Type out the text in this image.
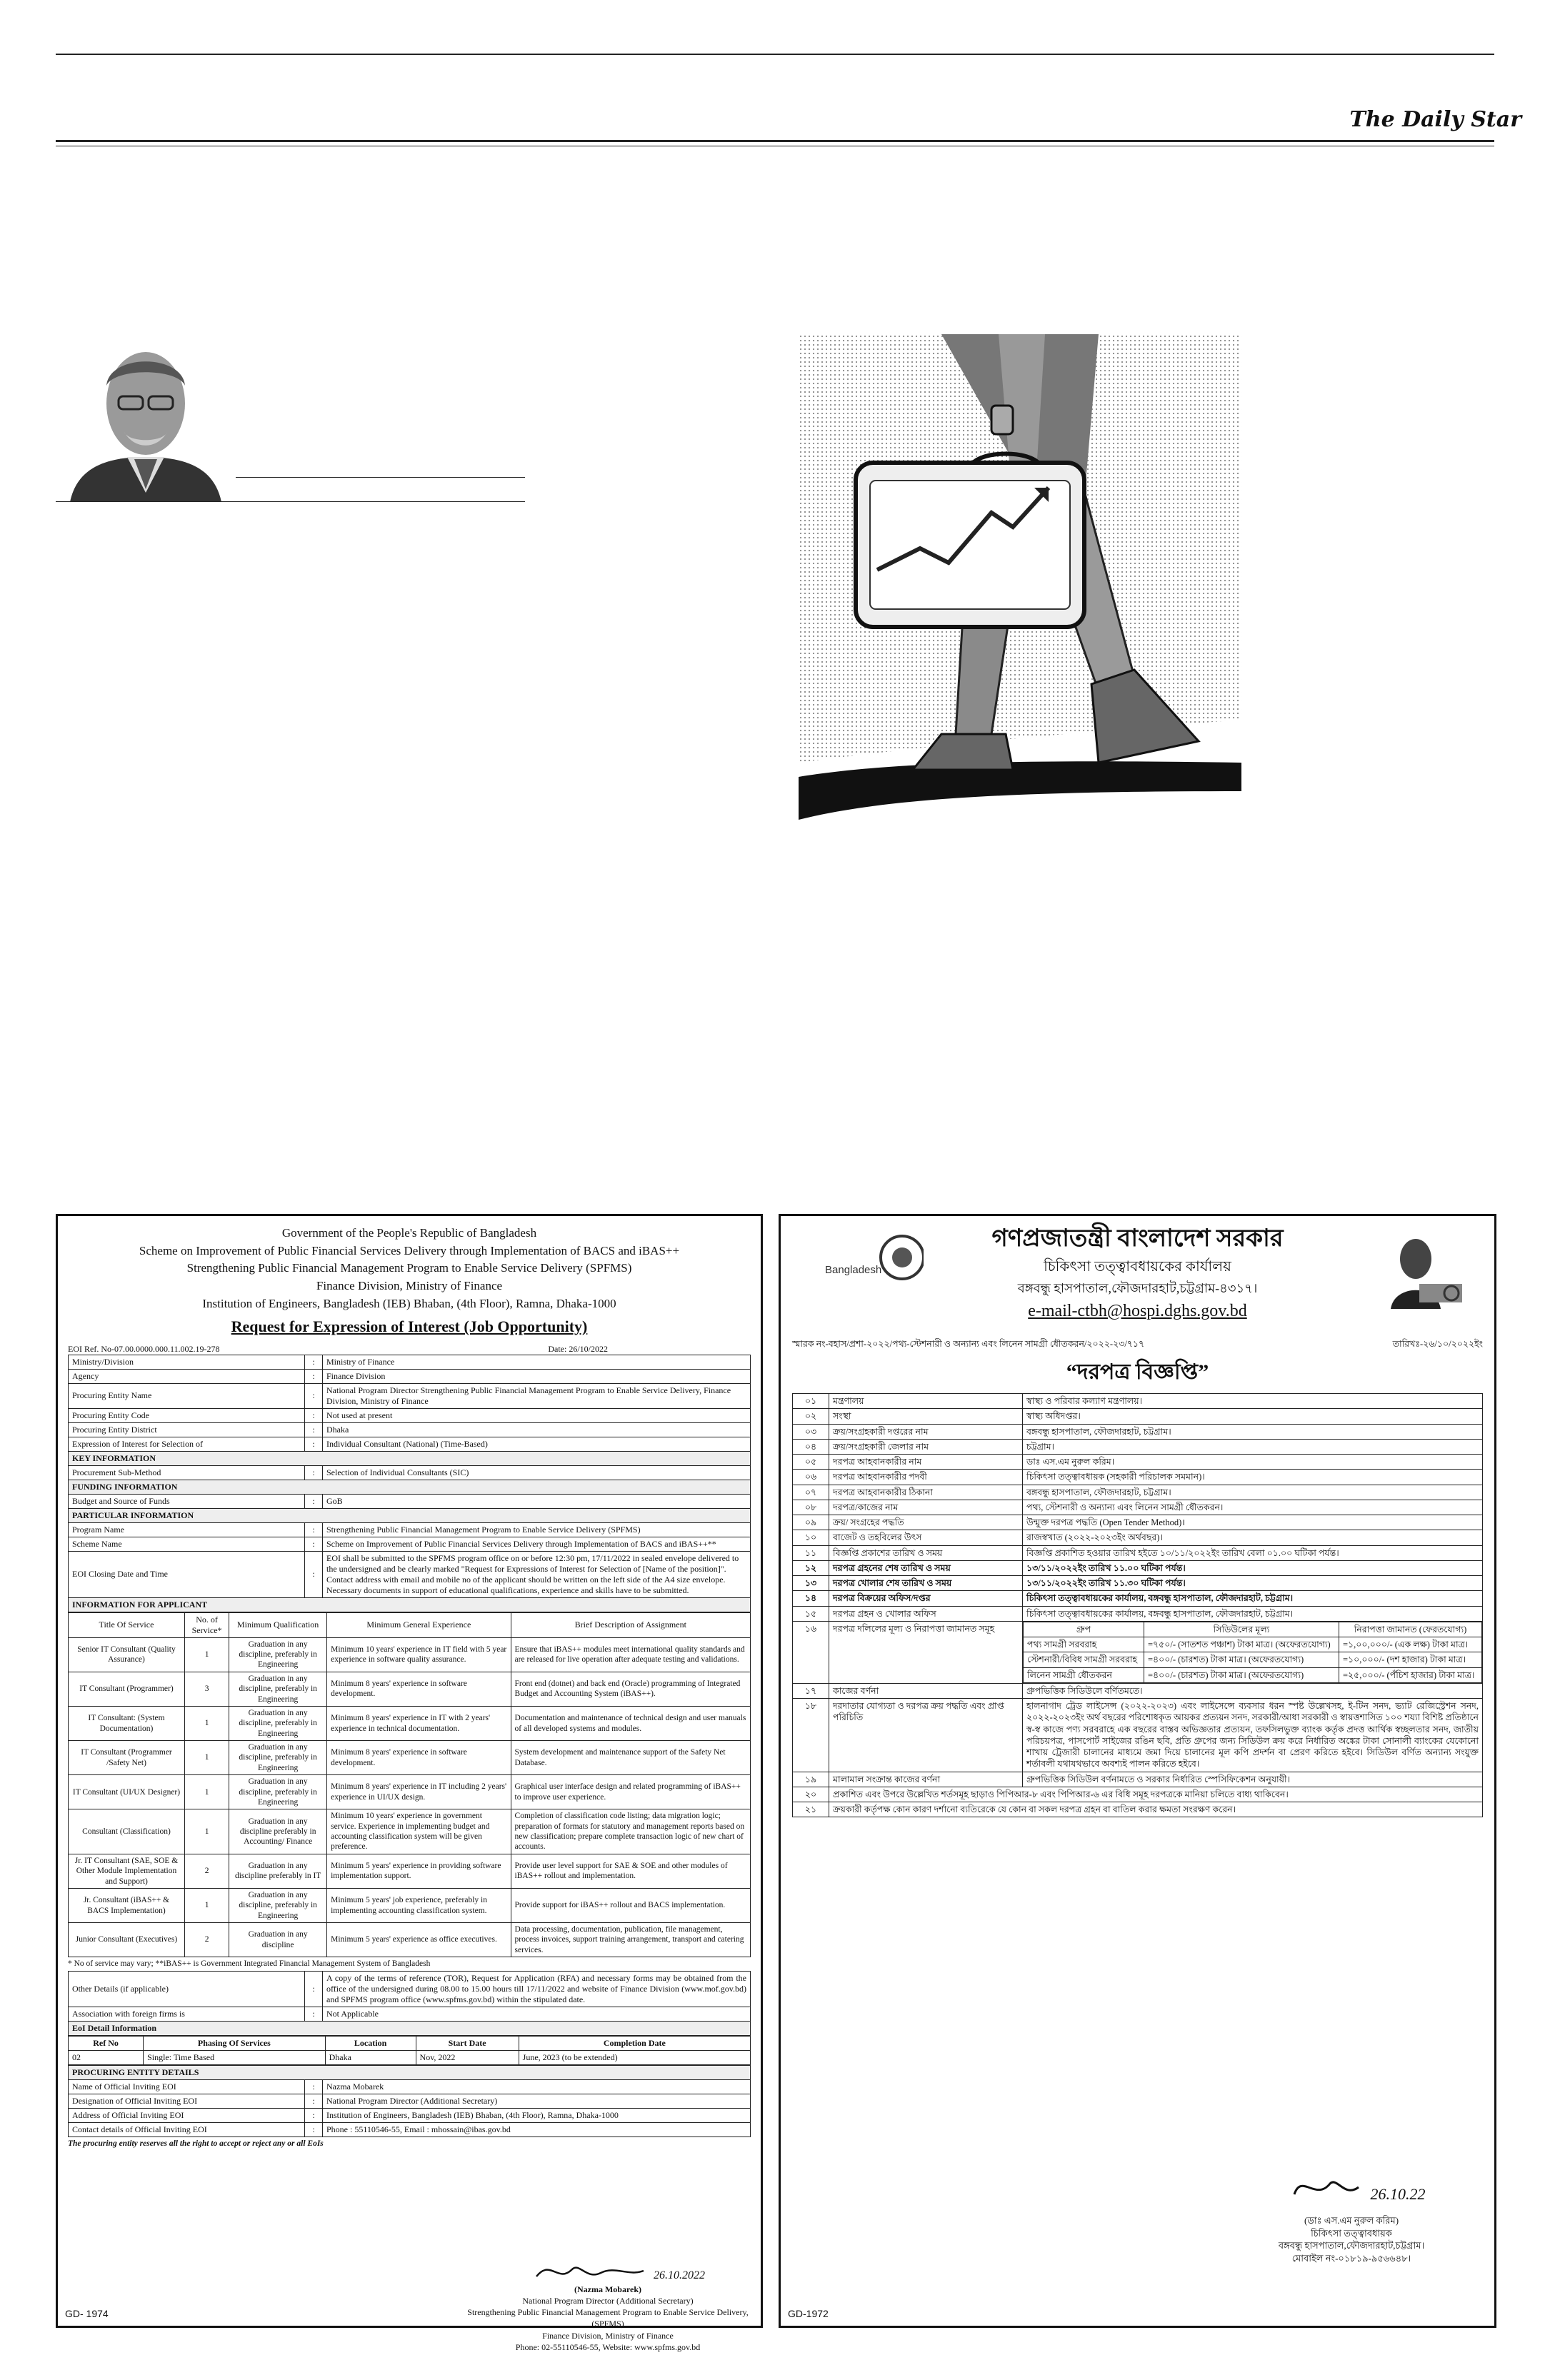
The Daily Star
Government of the People's Republic of Bangladesh
Scheme on Improvement of Public Financial Services Delivery through Implementation of BACS and iBAS++
Strengthening Public Financial Management Program to Enable Service Delivery (SPFMS)
Finance Division, Ministry of Finance
Institution of Engineers, Bangladesh (IEB) Bhaban, (4th Floor), Ramna, Dhaka-1000
Request for Expression of Interest (Job Opportunity)
EOI Ref. No-07.00.0000.000.11.002.19-278	Date: 26/10/2022
Ministry/Division	:	Ministry of Finance
Agency	:	Finance Division
Procuring Entity Name	:	National Program Director Strengthening Public Financial Management Program to Enable Service Delivery, Finance Division, Ministry of Finance
Procuring Entity Code	:	Not used at present
Procuring Entity District	:	Dhaka
Expression of Interest for Selection of	:	Individual Consultant (National) (Time-Based)
KEY INFORMATION		
Procurement Sub-Method	:	Selection of Individual Consultants (SIC)
FUNDING INFORMATION		
Budget and Source of Funds	:	GoB
PARTICULAR INFORMATION		
Program Name	:	Strengthening Public Financial Management Program to Enable Service Delivery (SPFMS)
Scheme Name	:	Scheme on Improvement of Public Financial Services Delivery through Implementation of BACS and iBAS++**
EOI Closing Date and Time	:	EOI shall be submitted to the SPFMS program office on or before 12:30 pm, 17/11/2022 in sealed envelope delivered to the undersigned and be clearly marked "Request for Expressions of Interest for Selection of [Name of the position]". Contact address with email and mobile no of the applicant should be written on the left side of the A4 size envelope. Necessary documents in support of educational qualifications, experience and skills have to be submitted.
INFORMATION FOR APPLICANT		
Title Of Service	No. of Service*	Minimum Qualification	Minimum General Experience	Brief Description of Assignment
Senior IT Consultant (Quality Assurance)	1	Graduation in any discipline, preferably in Engineering	Minimum 10 years' experience in IT field with 5 year experience in software quality assurance.	Ensure that iBAS++ modules meet international quality standards and are released for live operation after adequate testing and validations.
IT Consultant (Programmer)	3	Graduation in any discipline, preferably in Engineering	Minimum 8 years' experience in software development.	Front end (dotnet) and back end (Oracle) programming of Integrated Budget and Accounting System (iBAS++).
IT Consultant: (System Documentation)	1	Graduation in any discipline, preferably in Engineering	Minimum 8 years' experience in IT with 2 years' experience in technical documentation.	Documentation and maintenance of technical design and user manuals of all developed systems and modules.
IT Consultant (Programmer /Safety Net)	1	Graduation in any discipline, preferably in Engineering	Minimum 8 years' experience in software development.	System development and maintenance support of the Safety Net Database.
IT Consultant (UI/UX Designer)	1	Graduation in any discipline, preferably in Engineering	Minimum 8 years' experience in IT including 2 years' experience in UI/UX design.	Graphical user interface design and related programming of iBAS++ to improve user experience.
Consultant (Classification)	1	Graduation in any discipline preferably in Accounting/ Finance	Minimum 10 years' experience in government service. Experience in implementing budget and accounting classification system will be given preference.	Completion of classification code listing; data migration logic; preparation of formats for statutory and management reports based on new classification; prepare complete transaction logic of new chart of accounts.
Jr. IT Consultant (SAE, SOE & Other Module Implementation and Support)	2	Graduation in any discipline preferably in IT	Minimum 5 years' experience in providing software implementation support.	Provide user level support for SAE & SOE and other modules of iBAS++ rollout and implementation.
Jr. Consultant (iBAS++ & BACS Implementation)	1	Graduation in any discipline, preferably in Engineering	Minimum 5 years' job experience, preferably in implementing accounting classification system.	Provide support for iBAS++ rollout and BACS implementation.
Junior Consultant (Executives)	2	Graduation in any discipline	Minimum 5 years' experience as office executives.	Data processing, documentation, publication, file management, process invoices, support training arrangement, transport and catering services.
* No of service may vary; **iBAS++ is Government Integrated Financial Management System of Bangladesh
Other Details (if applicable)	:	A copy of the terms of reference (TOR), Request for Application (RFA) and necessary forms may be obtained from the office of the undersigned during 08.00 to 15.00 hours till 17/11/2022 and website of Finance Division (www.mof.gov.bd) and SPFMS program office (www.spfms.gov.bd) within the stipulated date.
Association with foreign firms is	:	Not Applicable
EoI Detail Information		
Ref No	Phasing Of Services	Location	Start Date	Completion Date
02	Single: Time Based	Dhaka	Nov, 2022	June, 2023 (to be extended)
PROCURING ENTITY DETAILS		
Name of Official Inviting EOI	:	Nazma Mobarek
Designation of Official Inviting EOI	:	National Program Director (Additional Secretary)
Address of Official Inviting EOI	:	Institution of Engineers, Bangladesh (IEB) Bhaban, (4th Floor), Ramna, Dhaka-1000
Contact details of Official Inviting EOI	:	Phone : 55110546-55, Email : mhossain@ibas.gov.bd
The procuring entity reserves all the right to accept or reject any or all EoIs
26.10.2022
(Nazma Mobarek)
National Program Director (Additional Secretary)
Strengthening Public Financial Management Program to Enable Service Delivery, (SPFMS)
Finance Division, Ministry of Finance
Phone: 02-55110546-55, Website: www.spfms.gov.bd
GD- 1974
Bangladesh
গণপ্রজাতন্ত্রী বাংলাদেশ সরকার
চিকিৎসা তত্ত্বাবধায়কের কার্যালয়
বঙ্গবন্ধু হাসপাতাল,ফৌজদারহাট,চট্টগ্রাম-৪৩১৭।
e-mail-ctbh@hospi.dghs.gov.bd
স্মারক নং-বহাস/প্রশা-২০২২/পথ্য-স্টেশনারী ও অন্যান্য এবং লিনেন সামগ্রী ধৌতকরন/২০২২-২৩/৭১৭	তারিখঃ-২৬/১০/২০২২ইং
“দরপত্র বিজ্ঞপ্তি”
০১	মন্ত্রণালয়	স্বাস্থ্য ও পরিবার কল্যাণ মন্ত্রণালয়।
০২	সংস্থা	স্বাস্থ্য অধিদপ্তর।
০৩	ক্রয়/সংগ্রহকারী দপ্তরের নাম	বঙ্গবন্ধু হাসপাতাল, ফৌজদারহাট, চট্টগ্রাম।
০৪	ক্রয়/সংগ্রহকারী জেলার নাম	চট্টগ্রাম।
০৫	দরপত্র আহবানকারীর নাম	ডাঃ এস.এম নুরুল করিম।
০৬	দরপত্র আহবানকারীর পদবী	চিকিৎসা তত্ত্বাবধায়ক (সহকারী পরিচালক সমমান)।
০৭	দরপত্র আহবানকারীর ঠিকানা	বঙ্গবন্ধু হাসপাতাল, ফৌজদারহাট, চট্টগ্রাম।
০৮	দরপত্র/কাজের নাম	পথ্য, স্টেশনারী ও অন্যান্য এবং লিনেন সামগ্রী ধৌতকরন।
০৯	ক্রয়/ সংগ্রহের পদ্ধতি	উন্মুক্ত দরপত্র পদ্ধতি (Open Tender Method)।
১০	বাজেট ও তহবিলের উৎস	রাজস্বখাত (২০২২-২০২৩ইং অর্থবছর)।
১১	বিজ্ঞপ্তি প্রকাশের তারিখ ও সময়	বিজ্ঞপ্তি প্রকাশিত হওয়ার তারিখ হইতে ১০/১১/২০২২ইং তারিখ বেলা ০১.০০ ঘটিকা পর্যন্ত।
১২	দরপত্র গ্রহনের শেষ তারিখ ও সময়	১৩/১১/২০২২ইং তারিখ ১১.০০ ঘটিকা পর্যন্ত।
১৩	দরপত্র খোলার শেষ তারিখ ও সময়	১৩/১১/২০২২ইং তারিখ ১১.৩০ ঘটিকা পর্যন্ত।
১৪	দরপত্র বিক্রয়ের অফিস/দপ্তর	চিকিৎসা তত্ত্বাবধায়কের কার্যালয়, বঙ্গবন্ধু হাসপাতাল, ফৌজদারহাট, চট্টগ্রাম।
১৫	দরপত্র গ্রহন ও খোলার অফিস	চিকিৎসা তত্ত্বাবধায়কের কার্যালয়, বঙ্গবন্ধু হাসপাতাল, ফৌজদারহাট, চট্টগ্রাম।
১৬	দরপত্র দলিলের মূল্য ও নিরাপত্তা জামানত সমূহ		গ্রুপ	সিডিউলের মূল্য	নিরাপত্তা জামানত (ফেরতযোগ্য)
পথ্য সামগ্রী সরবরাহ	=৭৫০/- (সাতশত পঞ্চাশ) টাকা মাত্র। (অফেরতযোগ্য)	=১,০০,০০০/- (এক লক্ষ) টাকা মাত্র।
স্টেশনারী/বিবিধ সামগ্রী সরবরাহ	=৪০০/- (চারশত) টাকা মাত্র। (অফেরতযোগ্য)	=১০,০০০/- (দশ হাজার) টাকা মাত্র।
লিনেন সামগ্রী ধৌতকরন	=৪০০/- (চারশত) টাকা মাত্র। (অফেরতযোগ্য)	=২৫,০০০/- (পঁচিশ হাজার) টাকা মাত্র।

১৭	কাজের বর্ণনা	গ্রুপভিত্তিক সিডিউলে বর্ণিতমতে।
১৮	দরদাতার যোগ্যতা ও দরপত্র ক্রয় পদ্ধতি এবং প্রাপ্ত পরিচিতি	হালনাগাদ ট্রেড লাইসেন্স (২০২২-২০২৩) এবং লাইসেন্সে ব্যবসার ধরন স্পষ্ট উল্লেখসহ, ই-টিন সনদ, ভ্যাট রেজিস্ট্রেশন সনদ, ২০২২-২০২৩ইং অর্থ বছরের পরিশোধকৃত আয়কর প্রত্যয়ন সনদ, সরকারী/আধা সরকারী ও স্বায়ত্তশাসিত ১০০ শয্যা বিশিষ্ট প্রতিষ্ঠানে স্ব-স্ব কাজে পণ্য সরবরাহে এক বছরের বাস্তব অভিজ্ঞতার প্রত্যয়ন, তফসিলভুক্ত ব্যাংক কর্তৃক প্রদত্ত আর্থিক স্বচ্ছলতার সনদ, জাতীয় পরিচয়পত্র, পাসপোর্ট সাইজের রঙিন ছবি, প্রতি গ্রুপের জন্য সিডিউল ক্রয় করে নির্ধারিত অঙ্কের টাকা সোনালী ব্যাংকের যেকোনো শাখায় ট্রেজারী চালানের মাধ্যমে জমা দিয়ে চালানের মূল কপি প্রদর্শন বা প্রেরণ করিতে হইবে। সিডিউল বর্ণিত অন্যান্য সংযুক্ত শর্তাবলী যথাযথভাবে অবশ্যই পালন করিতে হইবে।
১৯	মালামাল সংক্রান্ত কাজের বর্ণনা	গ্রুপভিত্তিক সিডিউল বর্ণনামতে ও সরকার নির্ধারিত স্পেসিফিকেশন অনুযায়ী।
২০	প্রকাশিত এবং উপরে উল্লেখিত শর্তসমূহ ছাড়াও পিপিআর-৮ এবং পিপিআর-৬ এর বিধি সমূহ দরপত্রকে মানিয়া চলিতে বাধ্য থাকিবেন।
২১	ক্রয়কারী কর্তৃপক্ষ কোন কারণ দর্শানো ব্যতিরেকে যে কোন বা সকল দরপত্র গ্রহন বা বাতিল করার ক্ষমতা সংরক্ষণ করেন।
26.10.22
(ডাঃ এস.এম নুরুল করিম)
চিকিৎসা তত্ত্বাবধায়ক
বঙ্গবন্ধু হাসপাতাল,ফৌজদারহাট,চট্টগ্রাম।
মোবাইল নং-০১৮১৯-৯৫৬৬৪৮।
GD-1972
